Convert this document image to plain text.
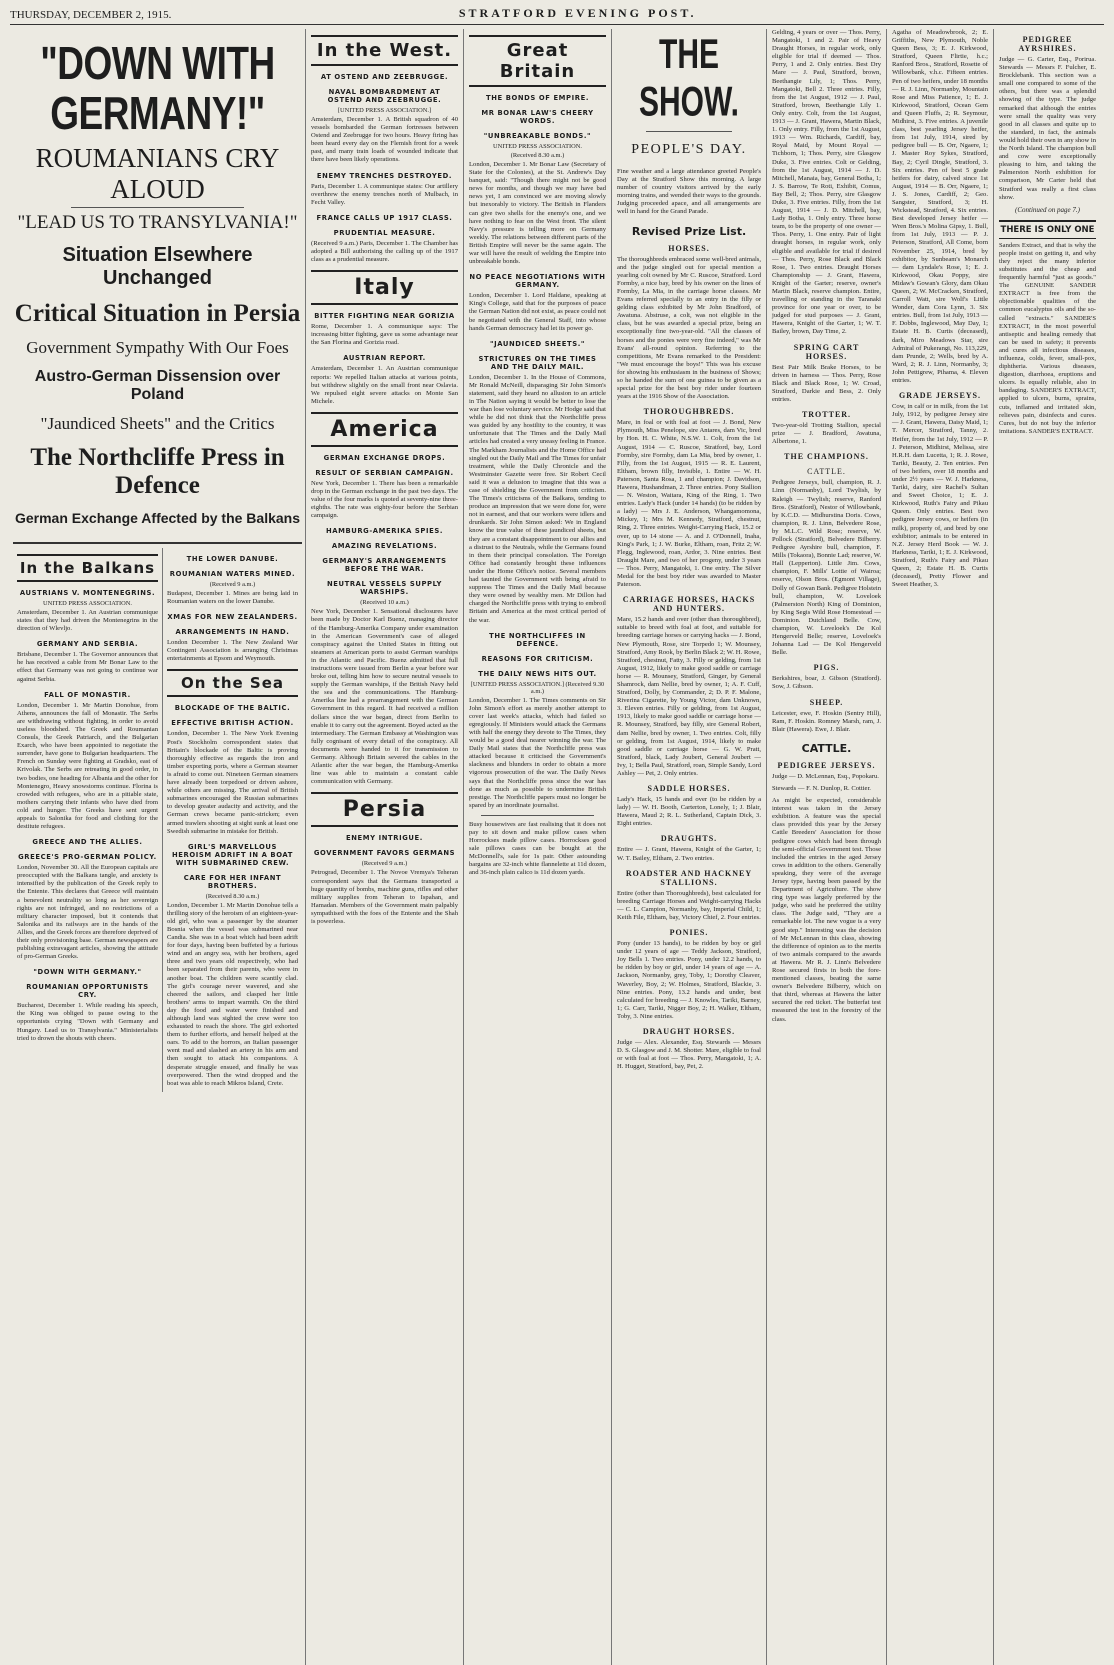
THURSDAY, DECEMBER 2, 1915.	STRATFORD EVENING POST.
"DOWN WITH GERMANY!"
ROUMANIANS CRY ALOUD
"LEAD US TO TRANSYLVANIA!"
Situation Elsewhere Unchanged
Critical Situation in Persia
Government Sympathy With Our Foes
Austro-German Dissension over Poland
"Jaundiced Sheets" and the Critics
The Northcliffe Press in Defence
German Exchange Affected by the Balkans
In the Balkans
AUSTRIANS V. MONTENEGRINS.
UNITED PRESS ASSOCIATION.

Amsterdam, December 1. An Austrian communique states that they had driven the Montenegrins in the direction of Wlevljo.

GERMANY AND SERBIA.

Brisbane, December 1. The Governor announces that he has received a cable from Mr Bonar Law to the effect that Germany was not going to continue war against Serbia.

FALL OF MONASTIR.

London, December 1. Mr Martin Donohue, from Athens, announces the fall of Monastir. The Serbs are withdrawing without fighting, in order to avoid useless bloodshed. The Greek and Roumanian Consuls, the Greek Patriarch, and the Bulgarian Exarch, who have been appointed to negotiate the surrender, have gone to Bulgarian headquarters. The French on Sunday were fighting at Gradsko, east of Krivolak. The Serbs are retreating in good order, in two bodies, one heading for Albania and the other for Montenegro, Heavy snowstorms continue. Florina is crowded with refugees, who are in a pitiable state, mothers carrying their infants who have died from cold and hunger. The Greeks have sent urgent appeals to Salonika for food and clothing for the destitute refugees.

GREECE AND THE ALLIES.
GREECE'S PRO-GERMAN POLICY.

London, November 30. All the European capitals are preoccupied with the Balkans tangle, and anxiety is intensified by the publication of the Greek reply to the Entente. This declares that Greece will maintain a benevolent neutrality so long as her sovereign rights are not infringed, and no restrictions of a military character imposed, but it contends that Salonika and its railways are in the hands of the Allies, and the Greek forces are therefore deprived of their only provisioning base. German newspapers are publishing extravagant articles, showing the attitude of pro-German Greeks.

"DOWN WITH GERMANY."
ROUMANIAN OPPORTUNISTS CRY.

Bucharest, December 1. While reading his speech, the King was obliged to pause owing to the opportunists crying "Down with Germany and Hungary. Lead us to Transylvania." Ministerialists tried to drown the shouts with cheers.

THE LOWER DANUBE.
ROUMANIAN WATERS MINED.
(Received 9 a.m.)

Budapest, December 1. Mines are being laid in Roumanian waters on the lower Danube.

XMAS FOR NEW ZEALANDERS.
ARRANGEMENTS IN HAND.

London December 1. The New Zealand War Contingent Association is arranging Christmas entertainments at Epsom and Weymouth.

On the Sea
BLOCKADE OF THE BALTIC.
EFFECTIVE BRITISH ACTION.

London, December 1. The New York Evening Post's Stockholm correspondent states that Britain's blockade of the Baltic is proving thoroughly effective as regards the iron and timber exporting ports, where a German steamer is afraid to come out. Nineteen German steamers have already been torpedoed or driven ashore, while others are missing. The arrival of British submarines encouraged the Russian submarines to develop greater audacity and activity, and the German crews became panic-stricken; even armed trawlers shooting at sight sunk at least one Swedish submarine in mistake for British.

GIRL'S MARVELLOUS HEROISM ADRIFT IN A BOAT WITH SUBMARINED CREW.
CARE FOR HER INFANT BROTHERS.
(Received 8.30 a.m.)

London, December 1. Mr Martin Donohue tells a thrilling story of the heroism of an eighteen-year-old girl, who was a passenger by the steamer Bosnia when the vessel was submarined near Candia. She was in a boat which had been adrift for four days, having been buffeted by a furious wind and an angry sea, with her brothers, aged three and two years old respectively, who had been separated from their parents, who were in another boat. The children were scantily clad. The girl's courage never wavered, and she cheered the sailors, and clasped her little brothers' arms to impart warmth. On the third day the food and water were finished and although land was sighted the crew were too exhausted to reach the shore. The girl exhorted them to further efforts, and herself helped at the oars. To add to the horrors, an Italian passenger went mad and slashed an artery in his arm and then sought to attack his companions. A desperate struggle ensued, and finally he was overpowered. Then the wind dropped and the boat was able to reach Mikros Island, Crete.

In the West.
AT OSTEND AND ZEEBRUGGE.
NAVAL BOMBARDMENT AT OSTEND AND ZEEBRUGGE.
[UNITED PRESS ASSOCIATION.]

Amsterdam, December 1. A British squadron of 40 vessels bombarded the German fortresses between Ostend and Zeebrugge for two hours. Heavy firing has been heard every day on the Flemish front for a week past, and many train loads of wounded indicate that there have been likely operations.

ENEMY TRENCHES DESTROYED.

Paris, December 1. A communique states: Our artillery overthrew the enemy trenches north of Mulbach, in Fecht Valley.

FRANCE CALLS UP 1917 CLASS.
PRUDENTIAL MEASURE.

(Received 9 a.m.) Paris, December 1. The Chamber has adopted a Bill authorising the calling up of the 1917 class as a prudential measure.

Italy
BITTER FIGHTING NEAR GORIZIA

Rome, December 1. A communique says: The increasing bitter fighting, gave us some advantage near the San Florina and Gorizia road.

AUSTRIAN REPORT.

Amsterdam, December 1. An Austrian communique reports: We repelled Italian attacks at various points, but withdrew slightly on the small front near Oslavia. We repulsed eight severe attacks on Monte San Michele.

America
GERMAN EXCHANGE DROPS.
RESULT OF SERBIAN CAMPAIGN.

New York, December 1. There has been a remarkable drop in the German exchange in the past two days. The value of the four marks is quoted at seventy-nine three-eighths. The rate was eighty-four before the Serbian campaign.

HAMBURG-AMERIKA SPIES.
AMAZING REVELATIONS.
GERMANY'S ARRANGEMENTS BEFORE THE WAR.
NEUTRAL VESSELS SUPPLY WARSHIPS.
(Received 10 a.m.)

New York, December 1. Sensational disclosures have been made by Doctor Karl Buenz, managing director of the Hamburg-Amerika Company under examination in the American Government's case of alleged conspiracy against the United States in fitting out steamers at American ports to assist German warships in the Atlantic and Pacific. Buenz admitted that full instructions were issued from Berlin a year before war broke out, telling him how to secure neutral vessels to supply the German warships, if the British Navy held the sea and the communications. The Hamburg-Amerika line had a prearrangement with the German Government in this regard. It had received a million dollars since the war began, direct from Berlin to enable it to carry out the agreement. Boyed acted as the intermediary. The German Embassy at Washington was fully cognisant of every detail of the conspiracy. All documents were handed to it for transmission to Germany. Although Britain severed the cables in the Atlantic after the war began, the Hamburg-Amerika line was able to maintain a constant cable communication with Germany.

Persia
ENEMY INTRIGUE.
GOVERNMENT FAVORS GERMANS
(Received 9 a.m.)

Petrograd, December 1. The Novoe Vremya's Teheran correspondent says that the Germans transported a huge quantity of bombs, machine guns, rifles and other military supplies from Teheran to Ispahan, and Hamadan. Members of the Government main palpably sympathised with the foes of the Entente and the Shah is powerless.

Great Britain
THE BONDS OF EMPIRE.
MR BONAR LAW'S CHEERY WORDS.
"UNBREAKABLE BONDS."
UNITED PRESS ASSOCIATION.
(Received 8.30 a.m.)

London, December 1. Mr Bonar Law (Secretary of State for the Colonies), at the St. Andrew's Day banquet, said: "Though there might not be good news for months, and though we may have bad news yet, I am convinced we are moving slowly but inexorably to victory. The British in Flanders can give two shells for the enemy's one, and we have nothing to fear on the West front. The silent Navy's pressure is telling more on Germany weekly. The relations between different parts of the British Empire will never be the same again. The war will have the result of welding the Empire into unbreakable bonds.

NO PEACE NEGOTIATIONS WITH GERMANY.

London, December 1. Lord Haldane, speaking at King's College, said that for the purposes of peace the German Nation did not exist, as peace could not be negotiated with the General Staff, into whose hands German democracy had let its power go.

"JAUNDICED SHEETS."
STRICTURES ON THE TIMES AND THE DAILY MAIL.

London, December 1. In the House of Commons, Mr Ronald McNeill, disparaging Sir John Simon's statement, said they heard no allusion to an article in The Nation saying it would be better to lose the war than lose voluntary service. Mr Hodge said that while he did not think that the Northcliffe press was guided by any hostility to the country, it was unfortunate that The Times and the Daily Mail articles had created a very uneasy feeling in France. The Markham Journalists and the Home Office had singled out the Daily Mail and The Times for unfair treatment, while the Daily Chronicle and the Westminster Gazette were free. Sir Robert Cecil said it was a delusion to imagine that this was a case of shielding the Government from criticism. The Times's criticisms of the Balkans, tending to produce an impression that we were done for, were not in earnest, and that our workers were idlers and drunkards. Sir John Simon asked: We in England know the true value of these jaundiced sheets, but they are a constant disappointment to our allies and a distrust to the Neutrals, while the Germans found in them their principal consolation. The Foreign Office had constantly brought these influences under the Home Office's notice. Several members had taunted the Government with being afraid to suppress The Times and the Daily Mail because they were owned by wealthy men. Mr Dillon had charged the Northcliffe press with trying to embroil Britain and America at the most critical period of the war.

THE NORTHCLIFFES IN DEFENCE.
REASONS FOR CRITICISM.
THE DAILY NEWS HITS OUT.
[UNITED PRESS ASSOCIATION.] (Received 9.30 a.m.)

London, December 1. The Times comments on Sir John Simon's effort as merely another attempt to cover last week's attacks, which had failed so egregiously. If Ministers would attack the Germans with half the energy they devote to The Times, they would be a good deal nearer winning the war. The Daily Mail states that the Northcliffe press was attacked because it criticised the Government's slackness and blunders in order to obtain a more vigorous prosecution of the war. The Daily News says that the Northcliffe press since the war has done as much as possible to undermine British prestige. The Northcliffe papers must no longer be spared by an inordinate journalist.

Busy housewives are fast realising that it does not pay to sit down and make pillow cases when Horrockses made pillow cases. Horrockses good sale pillows cases can be bought at the McDonnell's, sale for 1s pair. Other astounding bargains are 32-inch white flannelette at 11d dozen, and 36-inch plain calico is 11d dozen yards.

THE SHOW.
PEOPLE'S DAY.

Fine weather and a large attendance greeted People's Day at the Stratford Show this morning. A large number of country visitors arrived by the early morning trains, and wended their ways to the grounds. Judging proceeded apace, and all arrangements are well in hand for the Grand Parade.

Revised Prize List.
HORSES.

The thoroughbreds embraced some well-bred animals, and the judge singled out for special mention a yearling colt owned by Mr C. Ruscoe, Stratford. Lord Formby, a nice bay, bred by his owner on the lines of Formby, La Mia, in the carriage horse classes. Mr Evans referred specially to an entry in the filly or gelding class exhibited by Mr John Bradford, of Awatuna. Abstruse, a colt, was not eligible in the class, but he was awarded a special prize, being an exceptionally fine two-year-old. "All the classes of horses and the ponies were very fine indeed," was Mr Evans' all-round opinion. Referring to the competitions, Mr Evans remarked to the President: "We must encourage the boys!" This was his excuse for showing his enthusiasm in the business of Shows; so he handed the sum of one guinea to be given as a special prize for the best boy rider under fourteen years at the 1916 Show of the Association.

THOROUGHBREDS.

Mare, in foal or with foal at foot — J. Bond, New Plymouth, Miss Penelope, sire Antares, dam Vic, bred by Hon. H. C. White, N.S.W. 1. Colt, from the 1st August, 1914 — C. Ruscoe, Stratford, bay, Lord Formby, sire Formby, dam La Mia, bred by owner, 1. Filly, from the 1st August, 1915 — R. E. Laurent, Eltham, brown filly, Invisible, 1. Entire — W. H. Paterson, Santa Rosa, 1 and champion; J. Davidson, Hawera, Hushandman, 2. Three entries. Pony Stallion — N. Weston, Waitara, King of the Ring, 1. Two entries. Lady's Hack (under 14 hands) (to be ridden by a lady) — Mrs J. E. Anderson, Whangamomona, Mickey, 1; Mrs M. Kennedy, Stratford, chestnut, Ring, 2. Three entries. Weight-Carrying Hack, 15.2 or over, up to 14 stone — A. and J. O'Donnell, Inaha, King's Park, 1; J. W. Burke, Eltham, roan, Fritz 2; W. Flegg, Inglewood, roan, Ardor, 3. Nine entries. Best Draught Mare, and two of her progeny, under 3 years — Thos. Perry, Mangatoki, 1. One entry. The Silver Medal for the best boy rider was awarded to Master Paterson.

CARRIAGE HORSES, HACKS AND HUNTERS.

Mare, 15.2 hands and over (other than thoroughbred), suitable to breed with foal at foot, and suitable for breeding carriage horses or carrying hacks — J. Bond, New Plymouth, Rose, sire Torpedo 1; W. Mounsey, Stratford, Amy Rook, by Berlin Black 2; W. H. Rowe, Stratford, chestnut, Fatty, 3. Filly or gelding, from 1st August, 1912, likely to make good saddle or carriage horse — R. Mounsey, Stratford, Ginger, by General Shamrock, dam Nellie, bred by owner, 1; A. F. Cuff, Stratford, Dolly, by Commander, 2; D. P. F. Malone, Riverina Cigarette, by Young Victor, dam Unknown, 3. Eleven entries. Filly or gelding, from 1st August, 1913, likely to make good saddle or carriage horse — R. Mounsey, Stratford, bay filly, sire General Robert, dam Nellie, bred by owner, 1. Two entries. Colt, filly or gelding, from 1st August, 1914, likely to make good saddle or carriage horse — G. W. Pratt, Stratford, black, Lady Joubert, General Joubert — Ivy, 1; Bella Paul, Stratford, roan, Simple Sandy, Lord Ashley — Pet, 2. Only entries.

SADDLE HORSES.

Lady's Hack, 15 hands and over (to be ridden by a lady) — W. H. Booth, Carterton, Lonely, 1; J. Blair, Hawera, Maud 2; R. L. Sutherland, Captain Dick, 3. Eight entries.

DRAUGHTS.

Entire — J. Grant, Hawera, Knight of the Garter, 1; W. T. Bailey, Eltham, 2. Two entries.

ROADSTER AND HACKNEY STALLIONS.

Entire (other than Thoroughbreds), best calculated for breeding Carriage Horses and Weight-carrying Hacks — C. L. Campion, Normanby, bay, Imperial Child, 1; Keith File, Eltham, bay, Victory Chief, 2. Four entries.

PONIES.

Pony (under 13 hands), to be ridden by boy or girl under 12 years of age — Teddy Jackson, Stratford, Joy Bells 1. Two entries. Pony, under 12.2 hands, to be ridden by boy or girl, under 14 years of age — A. Jackson, Normanby, grey, Toby, 1; Dorothy Cleaver, Waverley, Boy, 2; W. Holmes, Stratford, Blackie, 3. Nine entries. Pony, 13.2 hands and under, best calculated for breeding — J. Knowles, Tariki, Barney, 1; G. Carr, Tariki, Nigger Boy, 2; H. Walker, Eltham, Toby, 3. Nine entries.

DRAUGHT HORSES.

Judge — Alex. Alexander, Esq. Stewards — Messrs D. S. Glasgow and J. M. Shotter. Mare, eligible to foal or with foal at foot — Thos. Perry, Mangatoki, 1; A. H. Hugget, Stratford, bay, Pet, 2.

Gelding, 4 years or over — Thos. Perry, Mangatoki, 1 and 2. Pair of Heavy Draught Horses, in regular work, only eligible for trial if deemed — Thos. Perry, 1 and 2. Only entries. Best Dry Mare — J. Paul, Stratford, brown, Beethangie Lily, 1; Thos. Perry, Mangatoki, Bell 2. Three entries. Filly, from the 1st August, 1912 — J. Paul, Stratford, brown, Beethangie Lily 1. Only entry. Colt, from the 1st August, 1913 — J. Grant, Hawera, Martin Black, 1. Only entry. Filly, from the 1st August, 1913 — Wm. Richards, Cardiff, bay, Royal Maid, by Mount Royal — Tichborn, 1; Thos. Perry, sire Glasgow Duke, 3. Five entries. Colt or Gelding, from the 1st August, 1914 — J. D. Mitchell, Manaia, bay, General Botha, 1; J. S. Barrow, Te Roti, Exhibit, Comus, Bay Bell, 2; Thos. Perry, sire Glasgow Duke, 3. Five entries. Filly, from the 1st August, 1914 — J. D. Mitchell, bay, Lady Botha, 1. Only entry. Three horse team, to be the property of one owner — Thos. Perry, 1. One entry. Pair of light draught horses, in regular work, only eligible and available for trial if desired — Thos. Perry, Rose Black and Black Rose, 1. Two entries. Draught Horses Championship — J. Grant, Hawera, Knight of the Garter; reserve, owner's Martin Black, reserve champion. Entire, travelling or standing in the Taranaki province for one year or over, to be judged for stud purposes — J. Grant, Hawera, Knight of the Garter, 1; W. T. Bailey, brown, Day Time, 2.

SPRING CART HORSES.

Best Pair Milk Brake Horses, to be driven in harness — Thos. Perry, Rose Black and Black Rose, 1; W. Croad, Stratford, Darkie and Bess, 2. Only entries.

TROTTER.

Two-year-old Trotting Stallion, special prize — J. Bradford, Awatuna, Albertone, 1.

THE CHAMPIONS.
CATTLE.

Pedigree Jerseys, bull, champion, R. J. Linn (Normanby), Lord Twylish, by Raleigh — Twylish; reserve, Ranford Bros. (Stratford), Nestor of Willowbank, by K.C.D. — Midhurstina Doris. Cows, champion, R. J. Linn, Belvedere Rose, by M.L.C. Wild Rose; reserve, W. Pollock (Stratford), Belvedere Bilberry. Pedigree Ayrshire bull, champion, F. Mills (Tokaora), Bonnie Lad; reserve, W. Hall (Lepperton). Little Jim. Cows, champion, F. Mills' Lottie of Wairoa; reserve, Olson Bros. (Egmont Village), Dolly of Gowan Bank. Pedigree Holstein bull, champion, W. Loveloek (Palmerston North) King of Dominion, by King Segis Wild Rose Homestead — Dominion. Dutchland Belle. Cow, champion, W. Loveloek's De Kol Hengerveld Belle; reserve, Loveloek's Johanna Lad — De Kol Hengerveld Belle.

PIGS.

Berkshires, boar, J. Gibson (Stratford). Sow, J. Gibson.

SHEEP.

Leicester, ewe, F. Hoskin (Sentry Hill), Ram, F. Hoskin. Romney Marsh, ram, J. Blair (Hawera). Ewe, J. Blair.

CATTLE.
PEDIGREE JERSEYS.

Judge — D. McLennan, Esq., Popokaru.

Stewards — F. N. Dunlop, R. Cottier.

As might be expected, considerable interest was taken in the Jersey exhibition. A feature was the special class provided this year by the Jersey Cattle Breeders' Association for those pedigree cows which had been through the semi-official Government test. Those included the entries in the aged Jersey cows in addition to the others. Generally speaking, they were of the average Jersey type, having been passed by the Department of Agriculture. The show ring type was largely preferred by the judge, who said he preferred the utility class. The Judge said, "They are a remarkable lot. The new vogue is a very good step." Interesting was the decision of Mr McLennan in this class, showing the difference of opinion as to the merits of two animals compared to the awards at Hawera. Mr R. J. Linn's Belvedere Rose secured firsts in both the fore-mentioned classes, beating the same owner's Belvedere Bilberry, which on that third, whereas at Hawera the latter secured the red ticket. The butterfat test measured the test in the forestry of the class.

Agatha of Meadowbrook, 2; E. Griffiths, New Plymouth, Noble Queen Bess, 3; E. J. Kirkwood, Stratford, Queen Flirtie, h.c.; Ranford Bros., Stratford, Rosette of Willowbank, v.h.c. Fifteen entries. Pen of two heifers, under 18 months — R. J. Linn, Normanby, Mountain Rose and Miss Patience, 1; E. J. Kirkwood, Stratford, Ocean Gem and Queen Fluffs, 2; R. Seymour, Midhirst, 3. Five entries. A juvenile class, best yearling Jersey heifer, from 1st July, 1914, sired by pedigree bull — B. Orr, Ngaere, 1; J. Master Roy Sykes, Stratford, Bay, 2; Cyril Dingle, Stratford, 3. Six entries. Pen of best 5 grade heifers for dairy, calved since 1st August, 1914 — B. Orr, Ngaere, 1; J. S. Jones, Cardiff, 2; Geo. Sangster, Stratford, 3; H. Wickstead, Stratford, 4. Six entries. Best developed Jersey heifer — Wren Bros.'s Molina Gipsy, 1. Bull, from 1st July, 1913 — P. J. Peterson, Stratford, All Come, born November 25, 1914, bred by exhibitor, by Sunbeam's Monarch — dam Lyndale's Rose, 1; E. J. Kirkwood, Okau Poppy, sire Midaw's Gowan's Glory, dam Okau Queen, 2; W. McCracken, Stratford, Carroll Watt, sire Wolf's Little Wonder, dam Cora Lynn, 3. Six entries. Bull, from 1st July, 1913 — F. Dobbs, Inglewood, May Day, 1; Estate H. B. Curtis (deceased), dark, Miro Meadows Star, sire Admiral of Pukerangi, No. 113,229, dam Prunde, 2; Wells, bred by A. Ward, 2; R. J. Linn, Normanby, 3; John Pettigrew, Pihama, 4. Eleven entries.

GRADE JERSEYS.

Cow, in calf or in milk, from the 1st July, 1912, by pedigree Jersey sire — J. Grant, Hawera, Daisy Maid, 1; T. Mercer, Stratford, Tanny, 2. Heifer, from the 1st July, 1912 — P. J. Peterson, Midhirst, Melissa, sire H.R.H. dam Lucetta, 1; R. J. Rowe, Tariki, Beauty, 2. Ten entries. Pen of two heifers, over 18 months and under 2½ years — W. J. Harkness, Tariki, dairy, sire Rachel's Sultan and Sweet Choice, 1; E. J. Kirkwood, Ruth's Fairy and Pikau Queen. Only entries. Best two pedigree Jersey cows, or heifers (in milk), property of, and bred by one exhibitor; animals to be entered in N.Z. Jersey Herd Book — W. J. Harkness, Tariki, 1; E. J. Kirkwood, Stratford, Ruth's Fairy and Pikau Queen, 2; Estate H. B. Curtis (deceased), Pretty Flower and Sweet Heather, 3.

PEDIGREE AYRSHIRES.

Judge — G. Carter, Esq., Porirua. Stewards — Messrs F. Fulcher, E. Brocklebank. This section was a small one compared to some of the others, but there was a splendid showing of the type. The judge remarked that although the entries were small the quality was very good in all classes and quite up to the standard, in fact, the animals would hold their own in any show in the North Island. The champion bull and cow were exceptionally pleasing to him, and taking the Palmerston North exhibition for comparison, Mr Carter held that Stratford was really a first class show.

(Continued on page 7.)
THERE IS ONLY ONE

Sanders Extract, and that is why the people insist on getting it, and why they reject the many inferior substitutes and the cheap and frequently harmful "just as goods." The GENUINE SANDER EXTRACT is free from the objectionable qualities of the common eucalyptus oils and the so-called "extracts." SANDER'S EXTRACT, in the most powerful antiseptic and healing remedy that can be used in safety; it prevents and cures all infectious diseases, influenza, colds, fever, small-pox, diphtheria. Various diseases, digestion, diarrhoea, eruptions and ulcers. Is equally reliable, also in bandaging. SANDER'S EXTRACT, applied to ulcers, burns, sprains, cuts, inflamed and irritated skin, relieves pain, disinfects and cures. Cures, but do not buy the inferior imitations. SANDER'S EXTRACT.
